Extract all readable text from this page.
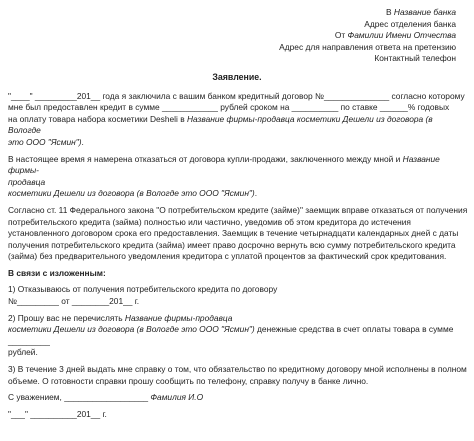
В Название банка
Адрес отделения банка
От Фамилии Имени Отчества
Адрес для направления ответа на претензию
Контактный телефон
Заявление.

"____" _________201__ года я заключила с вашим банком кредитный договор №______________ согласно которому
мне был предоставлен кредит в сумме ____________ рублей сроком на __________ по ставке ______% годовых
на оплату товара набора косметики Desheli в Название фирмы-продавца косметики Дешели из договора (в Вологде
это ООО "Ясмин").

В настоящее время я намерена отказаться от договора купли-продажи, заключенного между мной и Название фирмы-
продавца
косметики Дешели из договора (в Вологде это ООО "Ясмин").

Согласно ст. 11 Федерального закона "О потребительском кредите (займе)" заемщик вправе отказаться от получения
потребительского кредита (займа) полностью или частично, уведомив об этом кредитора до истечения
установленного договором срока его предоставления. Заемщик в течение четырнадцати календарных дней с даты
получения потребительского кредита (займа) имеет право досрочно вернуть всю сумму потребительского кредита
(займа) без предварительного уведомления кредитора с уплатой процентов за фактический срок кредитования.

В связи с изложенным:

1) Отказываюсь от получения потребительского кредита по договору
№_________ от ________201__ г.

2) Прошу вас не перечислять Название фирмы-продавца
косметики Дешели из договора (в Вологде это ООО "Ясмин") денежные средства в счет оплаты товара в сумме _________
рублей.

3) В течение 3 дней выдать мне справку о том, что обязательство по кредитному договору мной исполнены в полном
объеме. О готовности справки прошу сообщить по телефону, справку получу в банке лично.

С уважением, __________________ Фамилия И.О

"___" __________201__ г.
